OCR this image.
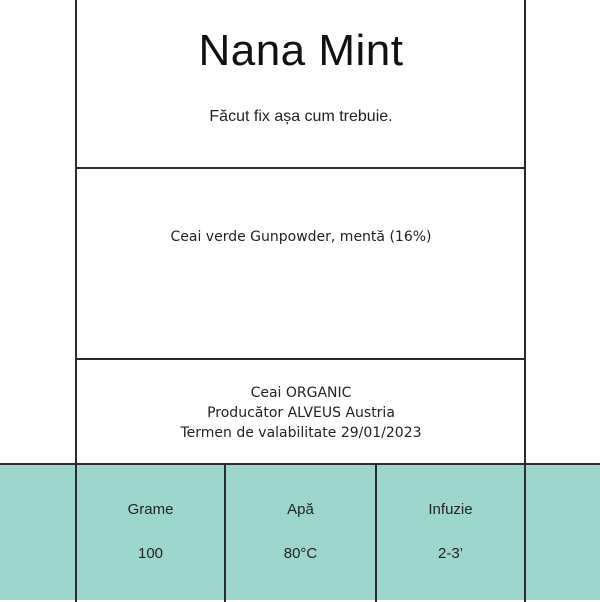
Nana Mint
Făcut fix așa cum trebuie.
Ceai verde Gunpowder, mentă (16%)
Ceai ORGANIC
Producător ALVEUS Austria
Termen de valabilitate 29/01/2023
Grame
100
Apă
80°C
Infuzie
2-3’
